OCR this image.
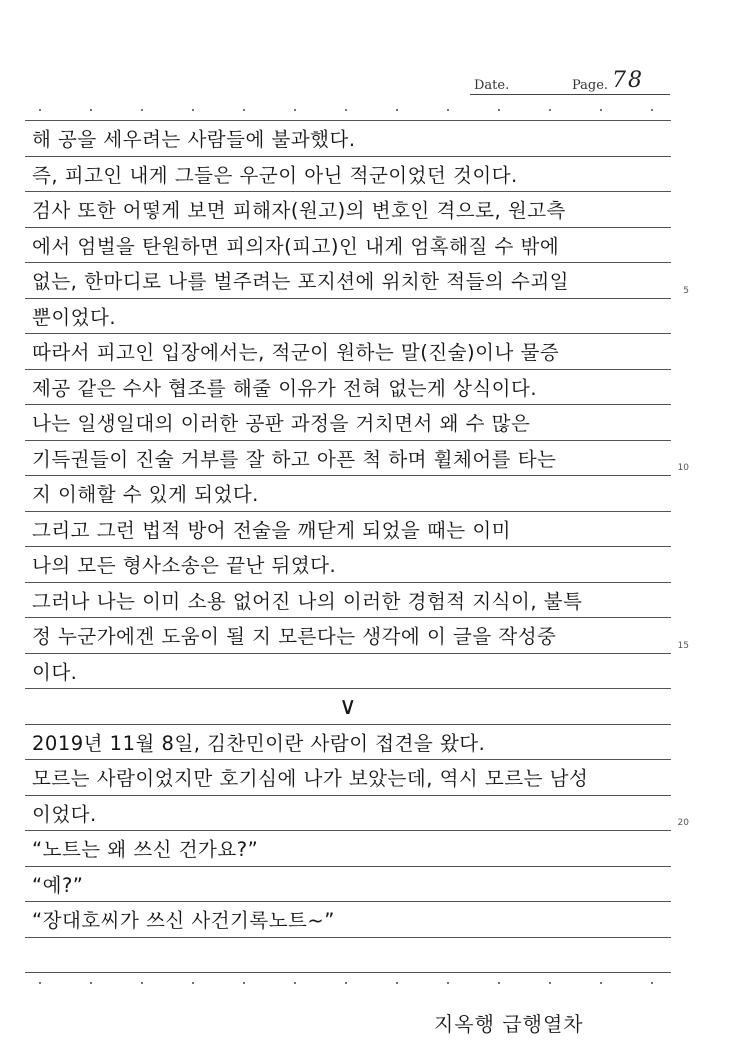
Date.	Page. 78
해 공을 세우려는 사람들에 불과했다.
즉, 피고인 내게 그들은 우군이 아닌 적군이었던 것이다.
검사 또한 어떻게 보면 피해자(원고)의 변호인 격으로, 원고측
에서 엄벌을 탄원하면 피의자(피고)인 내게 엄혹해질 수 밖에
없는, 한마디로 나를 벌주려는 포지션에 위치한 적들의 수괴일	5
뿐이었다.
따라서 피고인 입장에서는, 적군이 원하는 말(진술)이나 물증
제공 같은 수사 협조를 해줄 이유가 전혀 없는게 상식이다.
나는 일생일대의 이러한 공판 과정을 거치면서 왜 수 많은
기득권들이 진술 거부를 잘 하고 아픈 척 하며 휠체어를 타는	10
지 이해할 수 있게 되었다.
그리고 그런 법적 방어 전술을 깨닫게 되었을 때는 이미
나의 모든 형사소송은 끝난 뒤였다.
그러나 나는 이미 소용 없어진 나의 이러한 경험적 지식이, 불특
정 누군가에겐 도움이 될 지 모른다는 생각에 이 글을 작성중	15
이다.
∨
2019년 11월 8일, 김찬민이란 사람이 접견을 왔다.
모르는 사람이었지만 호기심에 나가 보았는데, 역시 모르는 남성
이었다.	20
“노트는 왜 쓰신 건가요?”
“예?”
“장대호씨가 쓰신 사건기록노트~”
지옥행 급행열차
